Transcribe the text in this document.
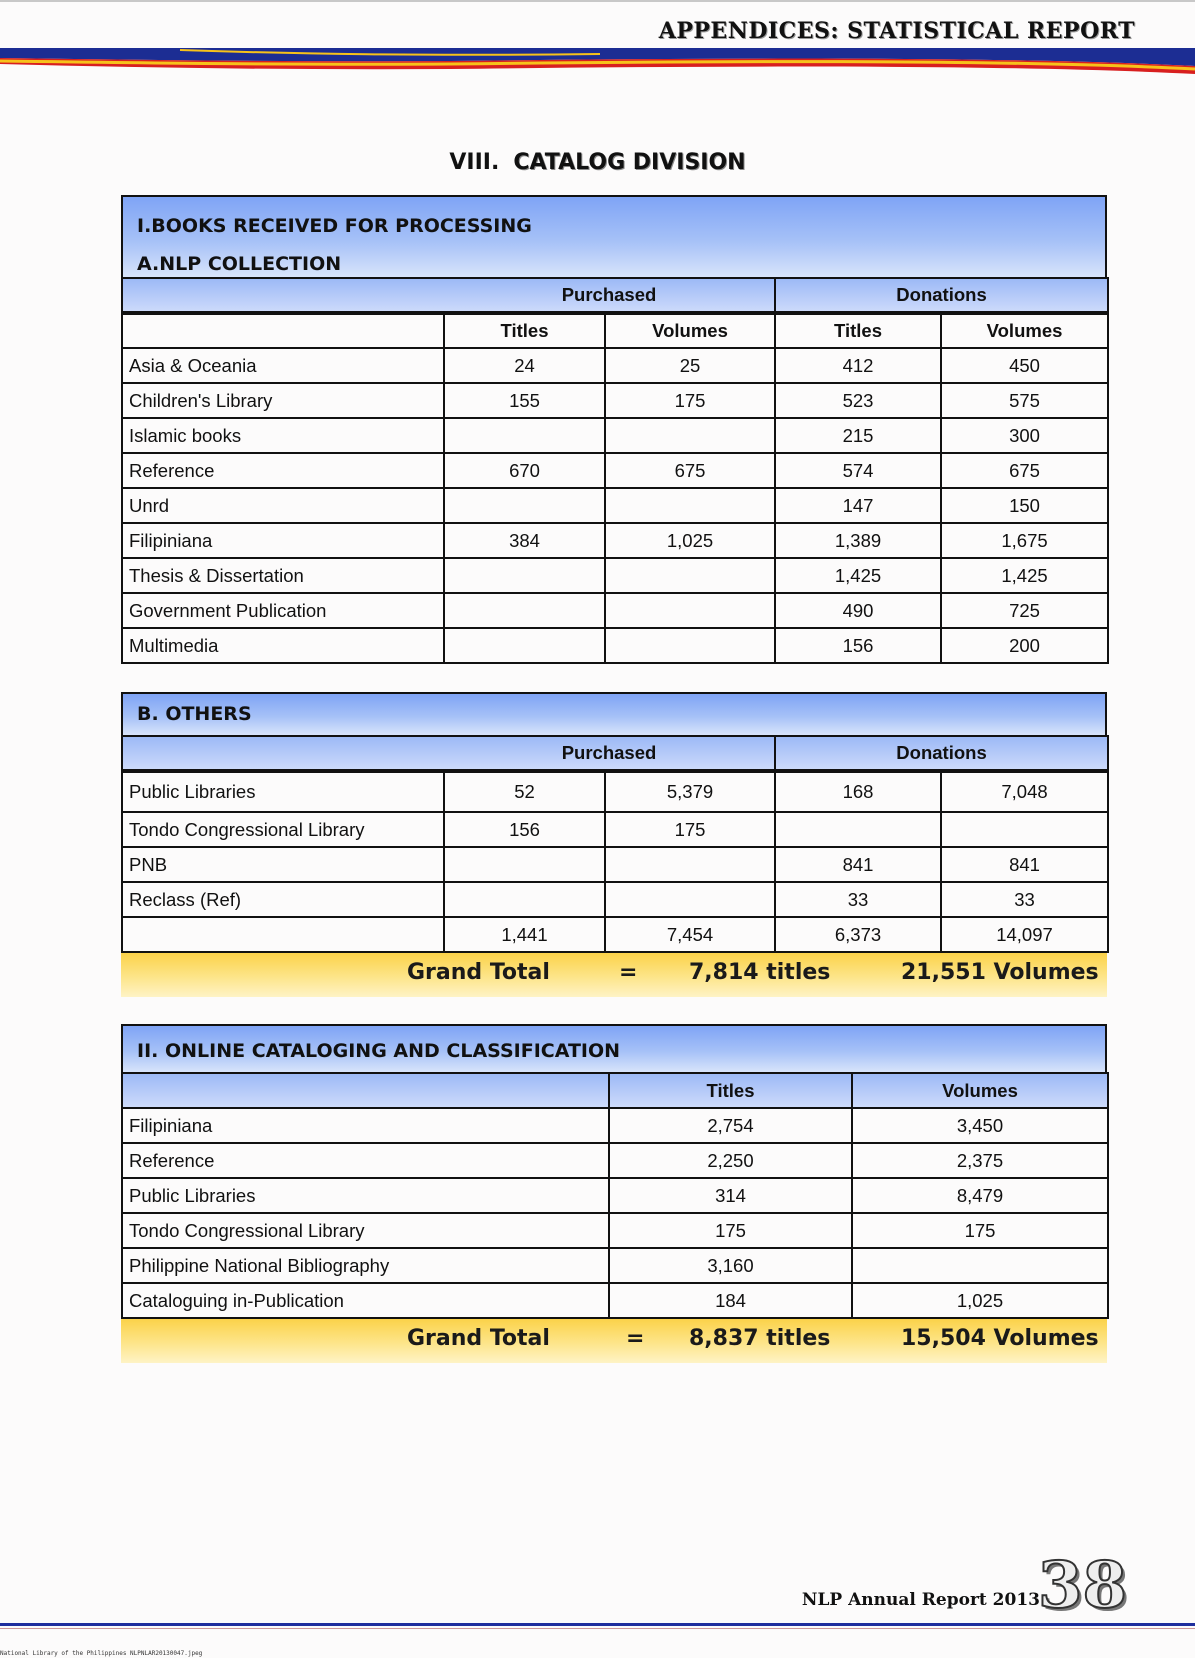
APPENDICES: STATISTICAL REPORT
VIII. CATALOG DIVISION
I.BOOKS RECEIVED FOR PROCESSING
A.NLP COLLECTION
	Purchased		Donations	
	Titles	Volumes	Titles	Volumes
Asia & Oceania	24	25	412	450
Children's Library	155	175	523	575
Islamic books			215	300
Reference	670	675	574	675
Unrd			147	150
Filipiniana	384	1,025	1,389	1,675
Thesis & Dissertation			1,425	1,425
Government Publication			490	725
Multimedia			156	200
B. OTHERS
	Purchased		Donations	
Public Libraries	52	5,379	168	7,048
Tondo Congressional Library	156	175		
PNB			841	841
Reclass (Ref)			33	33
	1,441	7,454	6,373	14,097
Grand Total	= 7,814 titles	21,551 Volumes
II. ONLINE CATALOGING AND CLASSIFICATION
	Titles	Volumes
Filipiniana	2,754	3,450
Reference	2,250	2,375
Public Libraries	314	8,479
Tondo Congressional Library	175	175
Philippine National Bibliography	3,160	
Cataloguing in-Publication	184	1,025
Grand Total	= 8,837 titles	15,504 Volumes
NLP Annual Report 2013
38
National Library of the Philippines NLPNLAR20130047.jpeg
